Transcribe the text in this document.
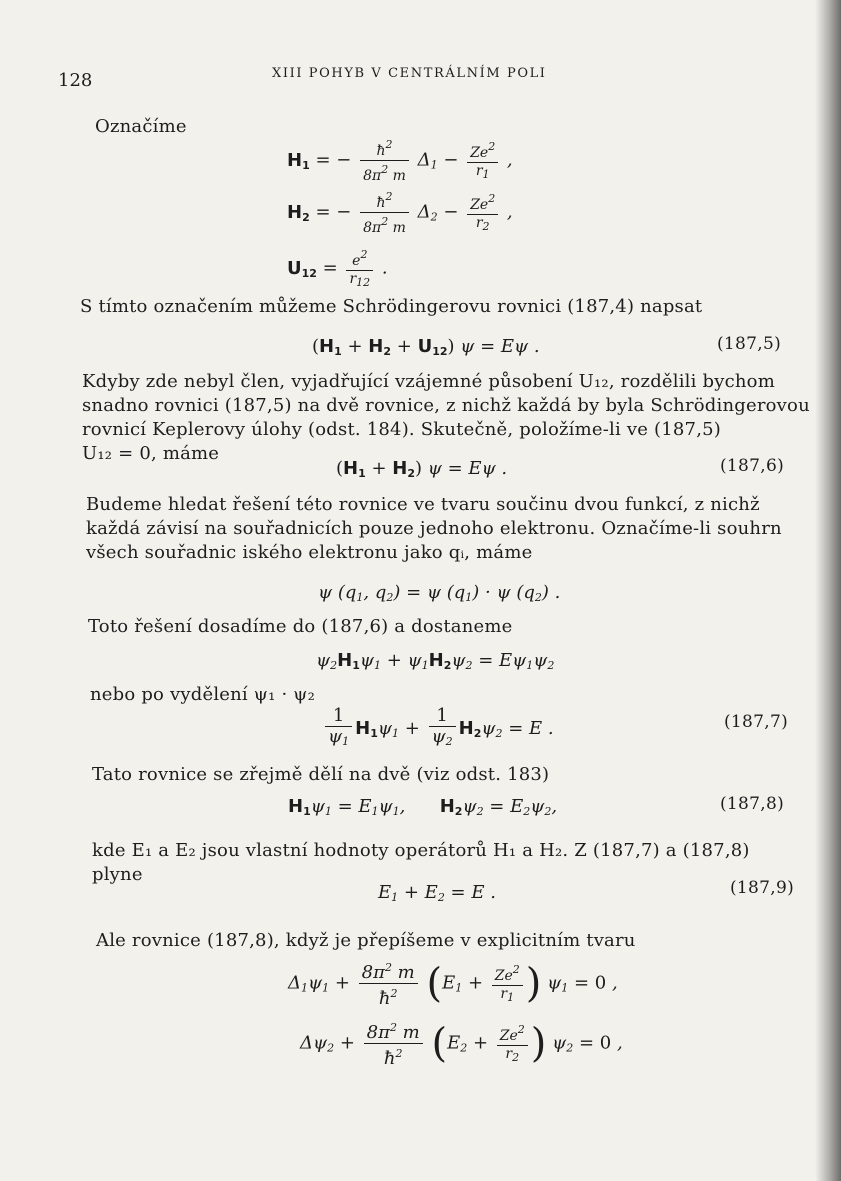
128	XIII POHYB V CENTRÁLNÍM POLI
Označíme
$H_1$ = − $\frac{ħ^2}{8\pi^2 m} \Delta_1 - \frac{Ze^2}{r_1}$ ,
$H_2$ = − $\frac{ħ^2}{8\pi^2 m} \Delta_2 - \frac{Ze^2}{r_2}$ ,
$U_{12} = \frac{e^2}{r_{12}}$ .
S tímto označením můžeme Schrödingerovu rovnici (187,4) napsat
$(H_1 + H_2 + U_{12}) \psi = E\psi$ .	(187,5)
Kdyby zde nebyl člen, vyjadřující vzájemné působení U₁₂, rozdělili bychom
snadno rovnici (187,5) na dvě rovnice, z nichž každá by byla Schrödingerovou
rovnicí Keplerovy úlohy (odst. 184). Skutečně, položíme-li ve (187,5)
U₁₂ = 0, máme
$(H_1 + H_2) \psi = E\psi$ .	(187,6)
Budeme hledat řešení této rovnice ve tvaru součinu dvou funkcí, z nichž
každá závisí na souřadnicích pouze jednoho elektronu. Označíme-li souhrn
všech souřadnic iského elektronu jako qᵢ, máme
ψ ($q_1$, $q_2) = \psi$ $(q_1) \cdot \psi$ $(q_2)$ .
Toto řešení dosadíme do (187,6) a dostaneme
$\psi_2H_1\psi_1 + \psi_1H_2\psi_2 = E\psi_1\psi_2$
nebo po vydělení ψ₁ · ψ₂
$\frac{1}{\psi_1} H_1\psi_1 + \frac{1}{\psi_2} H_2\psi_2 = E$ .	(187,7)
Tato rovnice se zřejmě dělí na dvě (viz odst. 183)
$H_1\psi_1 = E_1\psi_1$,      $H_2\psi_2 = E_2\psi_2$,	(187,8)
kde E₁ a E₂ jsou vlastní hodnoty operátorů H₁ a H₂. Z (187,7) a (187,8)
plyne
$E_1 + E_2 = E$ .	(187,9)
Ale rovnice (187,8), když je přepíšeme v explicitním tvaru
$\Delta_1\psi_1 + \frac{8\pi^2 m}{ħ^2} (E_1 + \frac{Ze^2}{r_1}$ ) $\psi_1 = 0$ ,
$\Delta\psi_2 + \frac{8\pi^2 m}{ħ^2} (E_2 + \frac{Ze^2}{r_2}$ ) $\psi_2 = 0$ ,
